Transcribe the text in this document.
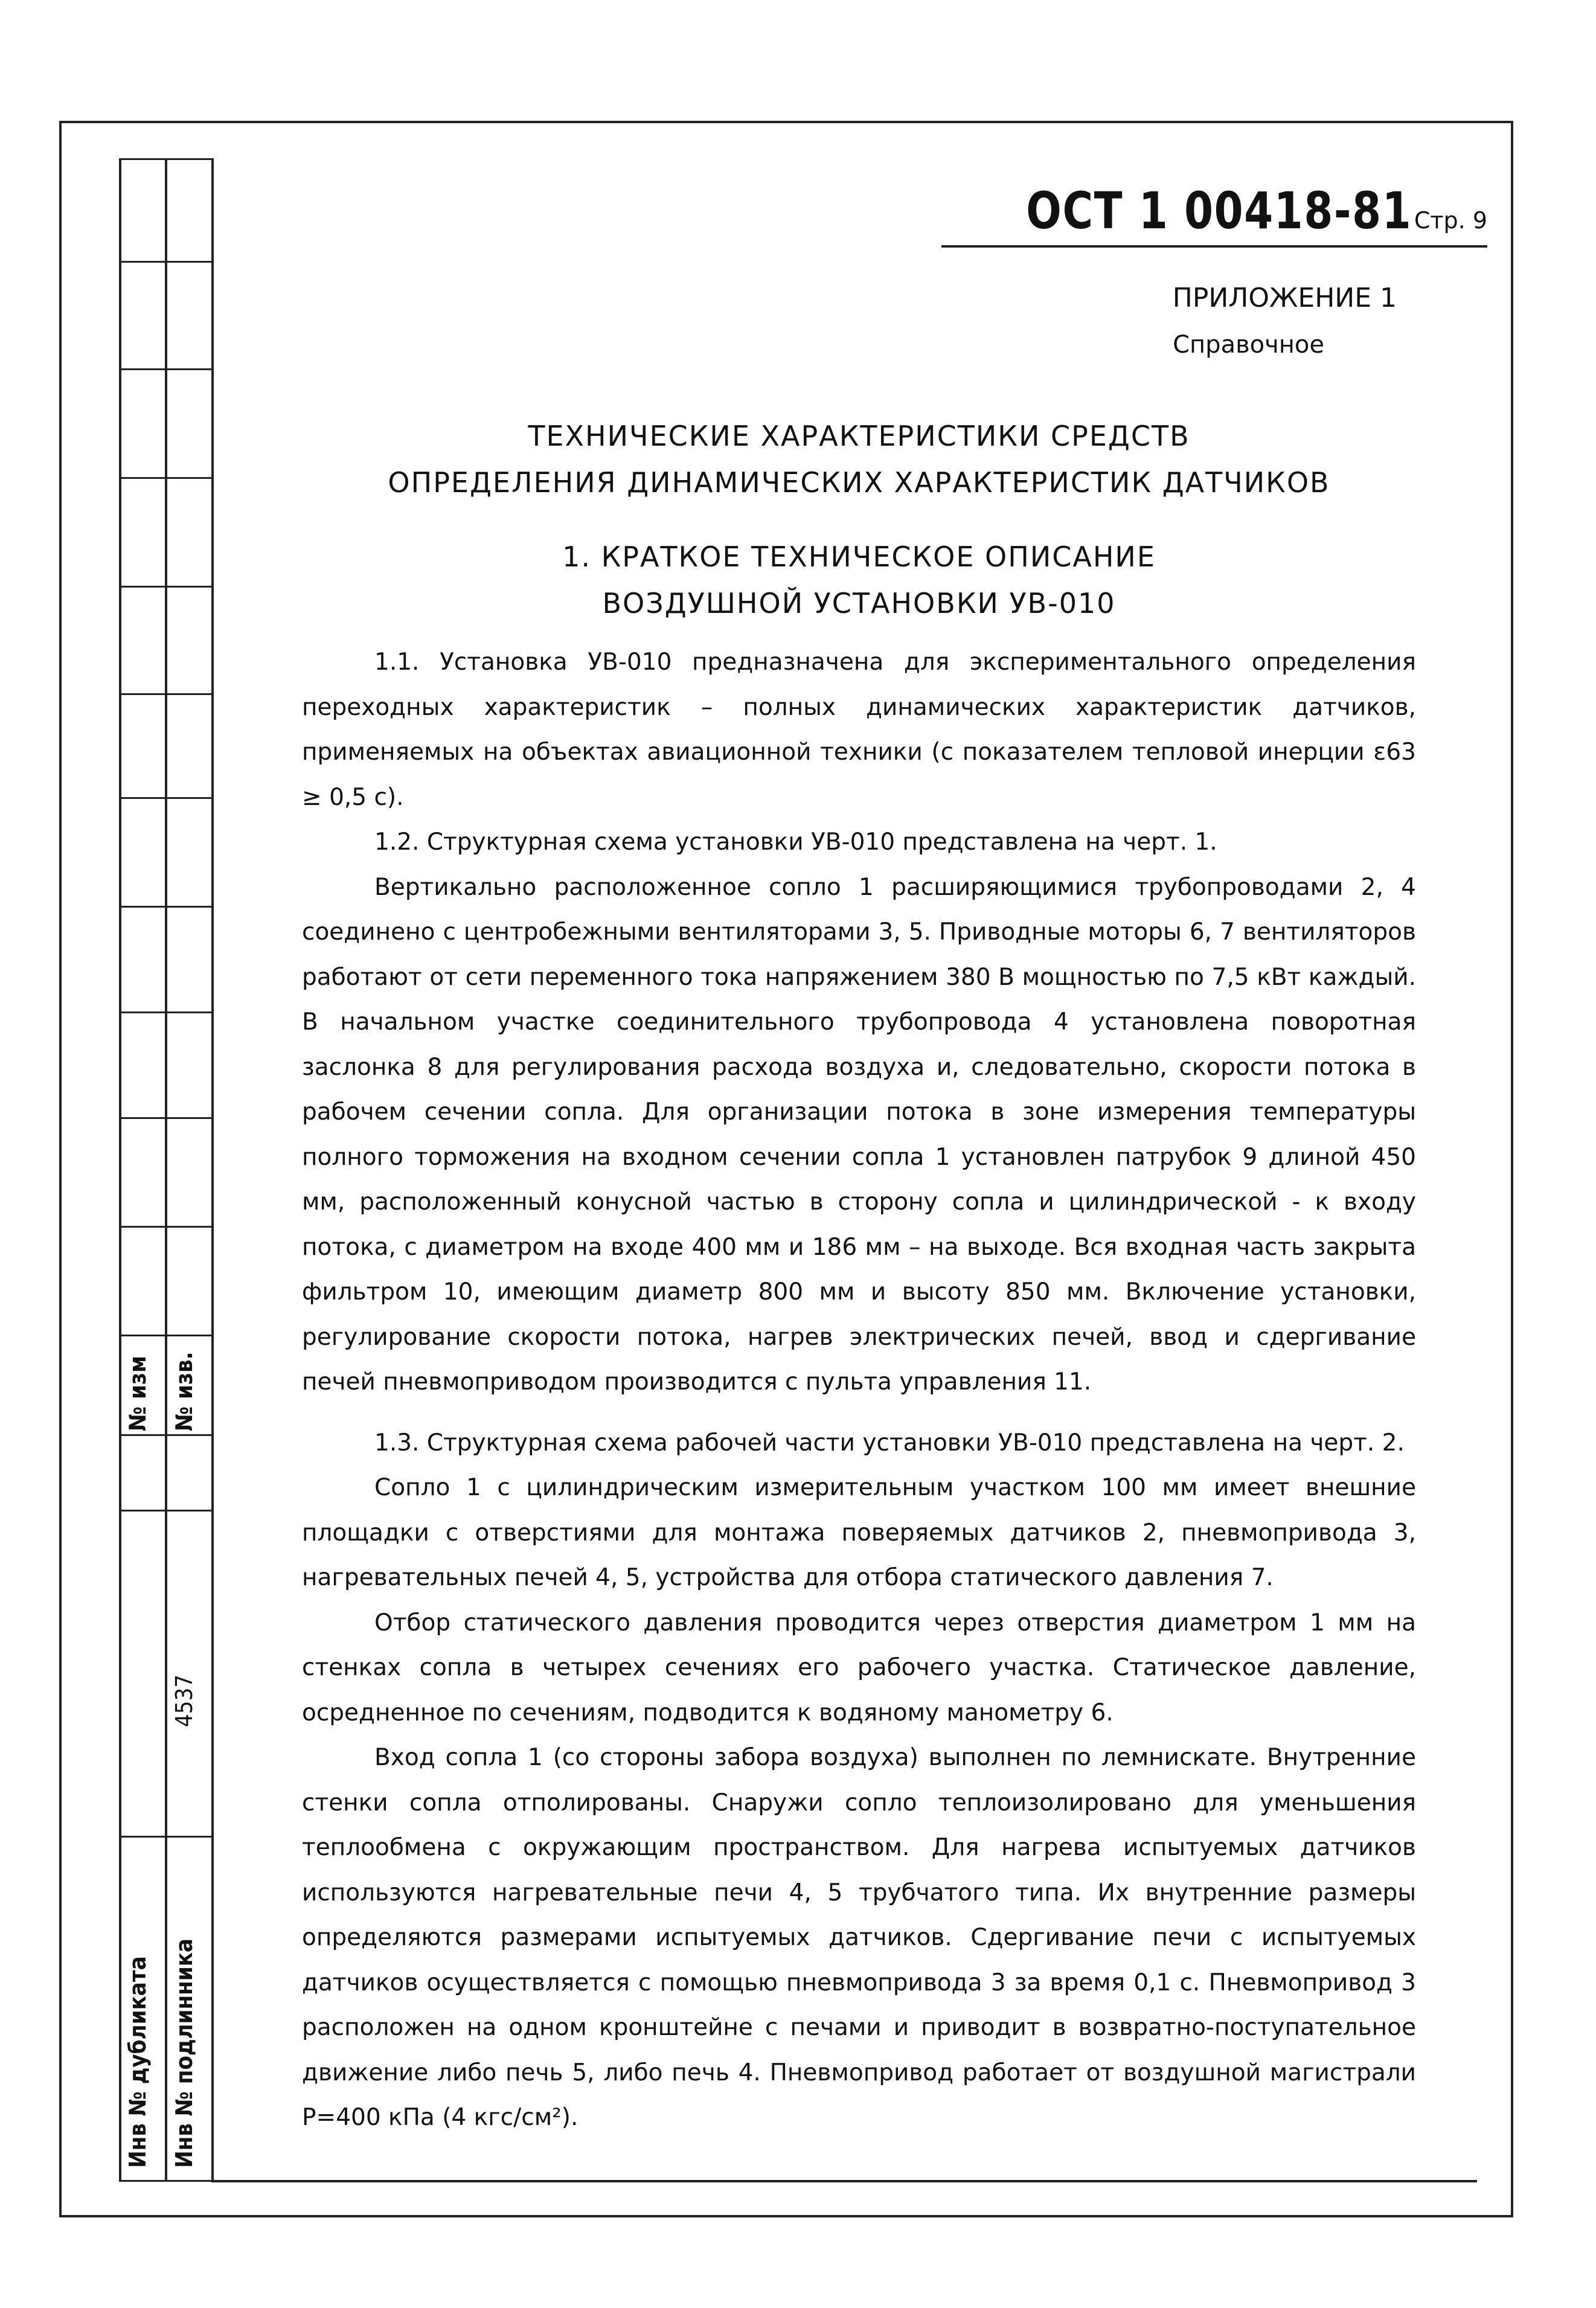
№ изм № изв.
4537
Инв № дубликата Инв № подлинника
ОСТ 1 00418-81 Стр. 9
ПРИЛОЖЕНИЕ 1
Справочное
ТЕХНИЧЕСКИЕ ХАРАКТЕРИСТИКИ СРЕДСТВ
ОПРЕДЕЛЕНИЯ ДИНАМИЧЕСКИХ ХАРАКТЕРИСТИК ДАТЧИКОВ
1. КРАТКОЕ ТЕХНИЧЕСКОЕ ОПИСАНИЕ
ВОЗДУШНОЙ УСТАНОВКИ УВ-010

1.1. Установка УВ-010 предназначена для экспериментального определения переходных характеристик – полных динамических характеристик датчиков, применяемых на объектах авиационной техники (с показателем тепловой инерции ε63 ≥ 0,5 с).

1.2. Структурная схема установки УВ-010 представлена на черт. 1.

Вертикально расположенное сопло 1 расширяющимися трубопроводами 2, 4 соединено с центробежными вентиляторами 3, 5. Приводные моторы 6, 7 вентиляторов работают от сети переменного тока напряжением 380 В мощностью по 7,5 кВт каждый. В начальном участке соединительного трубопровода 4 установлена поворотная заслонка 8 для регулирования расхода воздуха и, следовательно, скорости потока в рабочем сечении сопла. Для организации потока в зоне измерения температуры полного торможения на входном сечении сопла 1 установлен патрубок 9 длиной 450 мм, расположенный конусной частью в сторону сопла и цилиндрической - к входу потока, с диаметром на входе 400 мм и 186 мм – на выходе. Вся входная часть закрыта фильтром 10, имеющим диаметр 800 мм и высоту 850 мм. Включение установки, регулирование скорости потока, нагрев электрических печей, ввод и сдергивание печей пневмоприводом производится с пульта управления 11.

1.3. Структурная схема рабочей части установки УВ-010 представлена на черт. 2.

Сопло 1 с цилиндрическим измерительным участком 100 мм имеет внешние площадки с отверстиями для монтажа поверяемых датчиков 2, пневмопривода 3, нагревательных печей 4, 5, устройства для отбора статического давления 7.

Отбор статического давления проводится через отверстия диаметром 1 мм на стенках сопла в четырех сечениях его рабочего участка. Статическое давление, осредненное по сечениям, подводится к водяному манометру 6.

Вход сопла 1 (со стороны забора воздуха) выполнен по лемнискате. Внутренние стенки сопла отполированы. Снаружи сопло теплоизолировано для уменьшения теплообмена с окружающим пространством. Для нагрева испытуемых датчиков используются нагревательные печи 4, 5 трубчатого типа. Их внутренние размеры определяются размерами испытуемых датчиков. Сдергивание печи с испытуемых датчиков осуществляется с помощью пневмопривода 3 за время 0,1 с. Пневмопривод 3 расположен на одном кронштейне с печами и приводит в возвратно-поступательное движение либо печь 5, либо печь 4. Пневмопривод работает от воздушной магистрали Р=400 кПа (4 кгс/см²).
